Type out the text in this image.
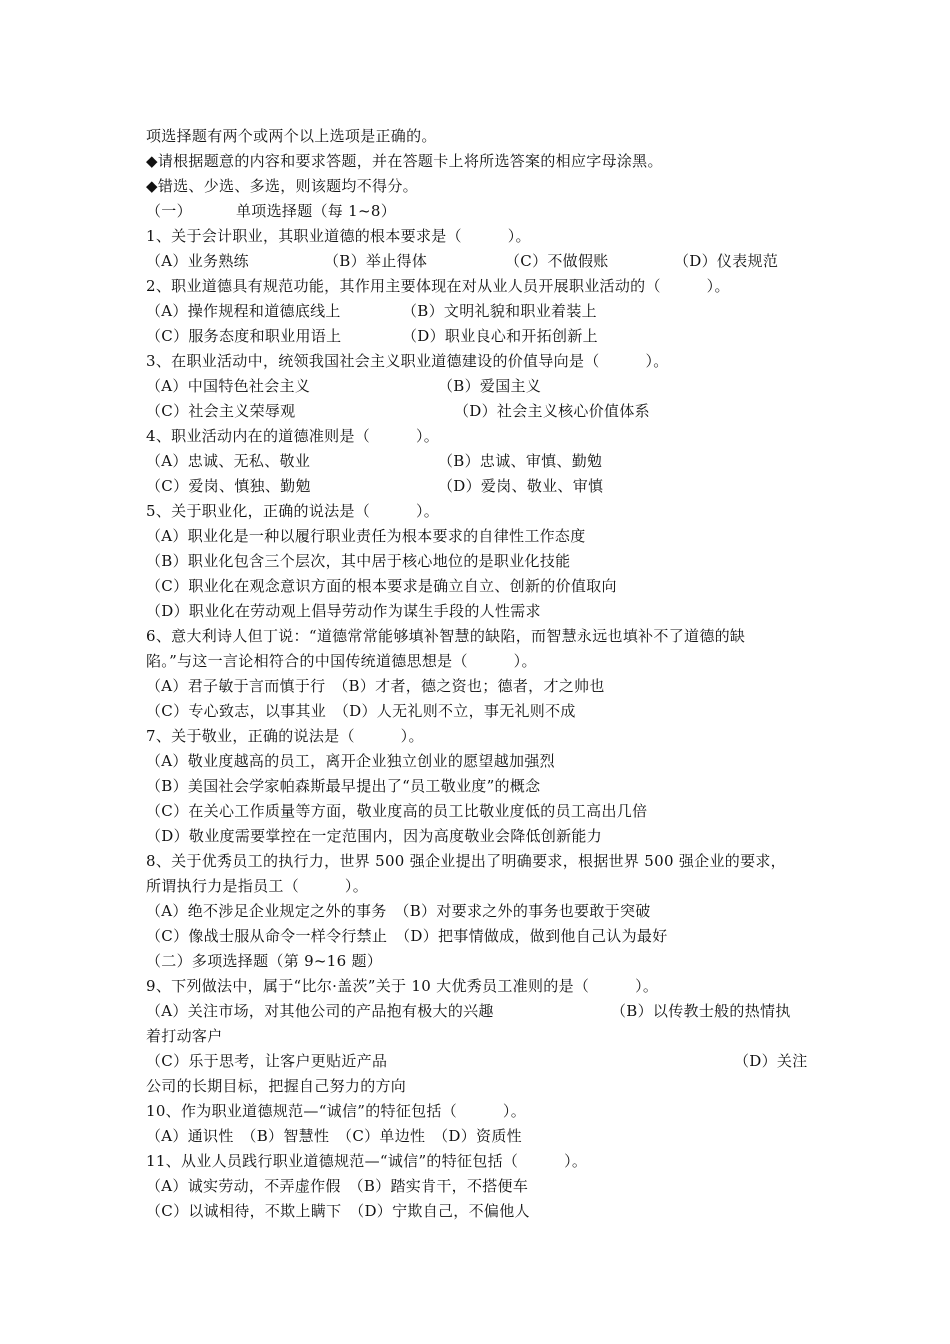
项选择题有两个或两个以上选项是正确的。
◆请根据题意的内容和要求答题，并在答题卡上将所选答案的相应字母涂黑。
◆错选、少选、多选，则该题均不得分。
（一）	单项选择题（每 1~8）
1、关于会计职业，其职业道德的根本要求是（　　　）。
（A）业务熟练	（B）举止得体	（C）不做假账	（D）仪表规范
2、职业道德具有规范功能，其作用主要体现在对从业人员开展职业活动的（　　　）。
（A）操作规程和道德底线上	（B）文明礼貌和职业着装上
（C）服务态度和职业用语上	（D）职业良心和开拓创新上
3、在职业活动中，统领我国社会主义职业道德建设的价值导向是（　　　）。
（A）中国特色社会主义	（B）爱国主义
（C）社会主义荣辱观	（D）社会主义核心价值体系
4、职业活动内在的道德准则是（　　　）。
（A）忠诚、无私、敬业	（B）忠诚、审慎、勤勉
（C）爱岗、慎独、勤勉	（D）爱岗、敬业、审慎
5、关于职业化，正确的说法是（　　　）。
（A）职业化是一种以履行职业责任为根本要求的自律性工作态度
（B）职业化包含三个层次，其中居于核心地位的是职业化技能
（C）职业化在观念意识方面的根本要求是确立自立、创新的价值取向
（D）职业化在劳动观上倡导劳动作为谋生手段的人性需求
6、意大利诗人但丁说：“道德常常能够填补智慧的缺陷，而智慧永远也填补不了道德的缺
陷。”与这一言论相符合的中国传统道德思想是（　　　）。
（A）君子敏于言而慎于行　（B）才者，德之资也；德者，才之帅也
（C）专心致志，以事其业　（D）人无礼则不立，事无礼则不成
7、关于敬业，正确的说法是（　　　）。
（A）敬业度越高的员工，离开企业独立创业的愿望越加强烈
（B）美国社会学家帕森斯最早提出了“员工敬业度”的概念
（C）在关心工作质量等方面，敬业度高的员工比敬业度低的员工高出几倍
（D）敬业度需要掌控在一定范围内，因为高度敬业会降低创新能力
8、关于优秀员工的执行力，世界 500 强企业提出了明确要求，根据世界 500 强企业的要求，
所谓执行力是指员工（　　　）。
（A）绝不涉足企业规定之外的事务　（B）对要求之外的事务也要敢于突破
（C）像战士服从命令一样令行禁止　（D）把事情做成，做到他自己认为最好
（二）多项选择题（第 9~16 题）
9、下列做法中，属于“比尔·盖茨”关于 10 大优秀员工准则的是（　　　）。
（A）关注市场，对其他公司的产品抱有极大的兴趣	（B）以传教士般的热情执
着打动客户
（C）乐于思考，让客户更贴近产品	（D）关注
公司的长期目标，把握自己努力的方向
10、作为职业道德规范—“诚信”的特征包括（　　　）。
（A）通识性　（B）智慧性　（C）单边性　（D）资质性
11、从业人员践行职业道德规范—“诚信”的特征包括（　　　）。
（A）诚实劳动，不弄虚作假　（B）踏实肯干，不搭便车
（C）以诚相待，不欺上瞒下　（D）宁欺自己，不偏他人
